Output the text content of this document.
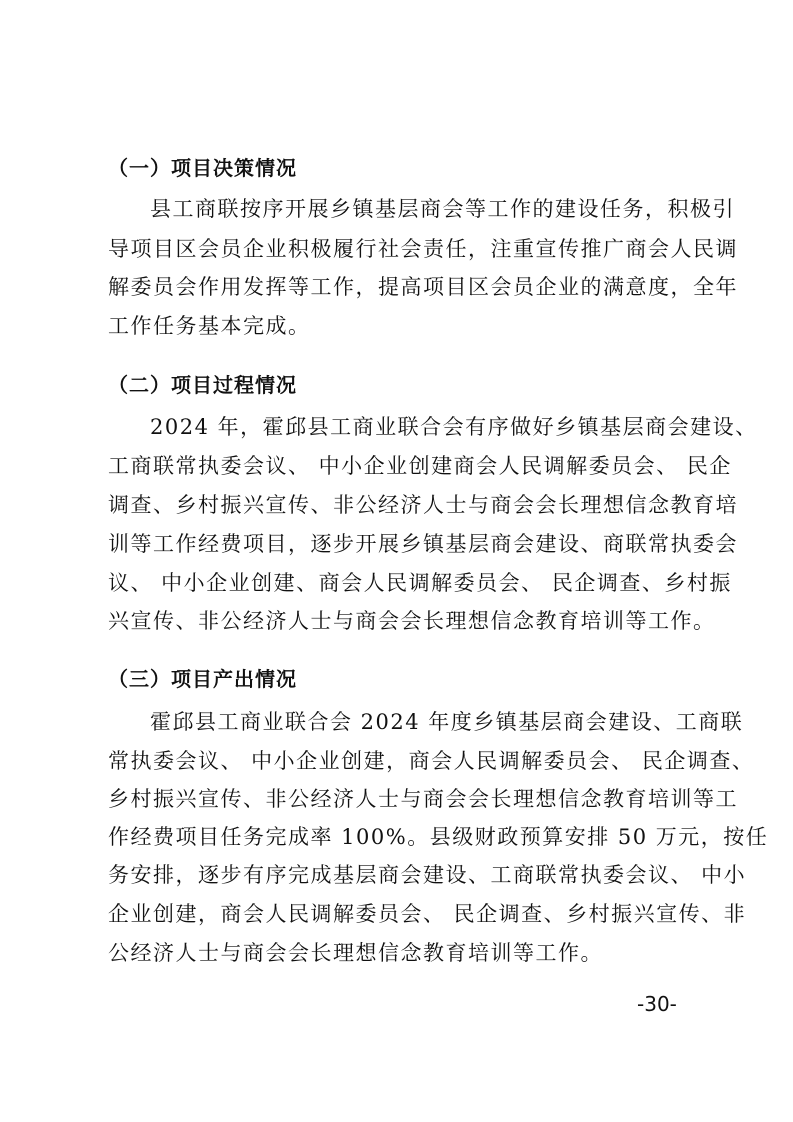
（一）项目决策情况
县工商联按序开展乡镇基层商会等工作的建设任务，积极引
导项目区会员企业积极履行社会责任，注重宣传推广商会人民调
解委员会作用发挥等工作，提高项目区会员企业的满意度，全年
工作任务基本完成。
（二）项目过程情况
2024 年，霍邱县工商业联合会有序做好乡镇基层商会建设、
工商联常执委会议、 中小企业创建商会人民调解委员会、 民企
调查、乡村振兴宣传、非公经济人士与商会会长理想信念教育培
训等工作经费项目，逐步开展乡镇基层商会建设、商联常执委会
议、 中小企业创建、商会人民调解委员会、 民企调查、乡村振
兴宣传、非公经济人士与商会会长理想信念教育培训等工作。
（三）项目产出情况
霍邱县工商业联合会 2024 年度乡镇基层商会建设、工商联
常执委会议、 中小企业创建，商会人民调解委员会、 民企调查、
乡村振兴宣传、非公经济人士与商会会长理想信念教育培训等工
作经费项目任务完成率 100%。县级财政预算安排 50 万元，按任
务安排，逐步有序完成基层商会建设、工商联常执委会议、 中小
企业创建，商会人民调解委员会、 民企调查、乡村振兴宣传、非
公经济人士与商会会长理想信念教育培训等工作。
-30-
